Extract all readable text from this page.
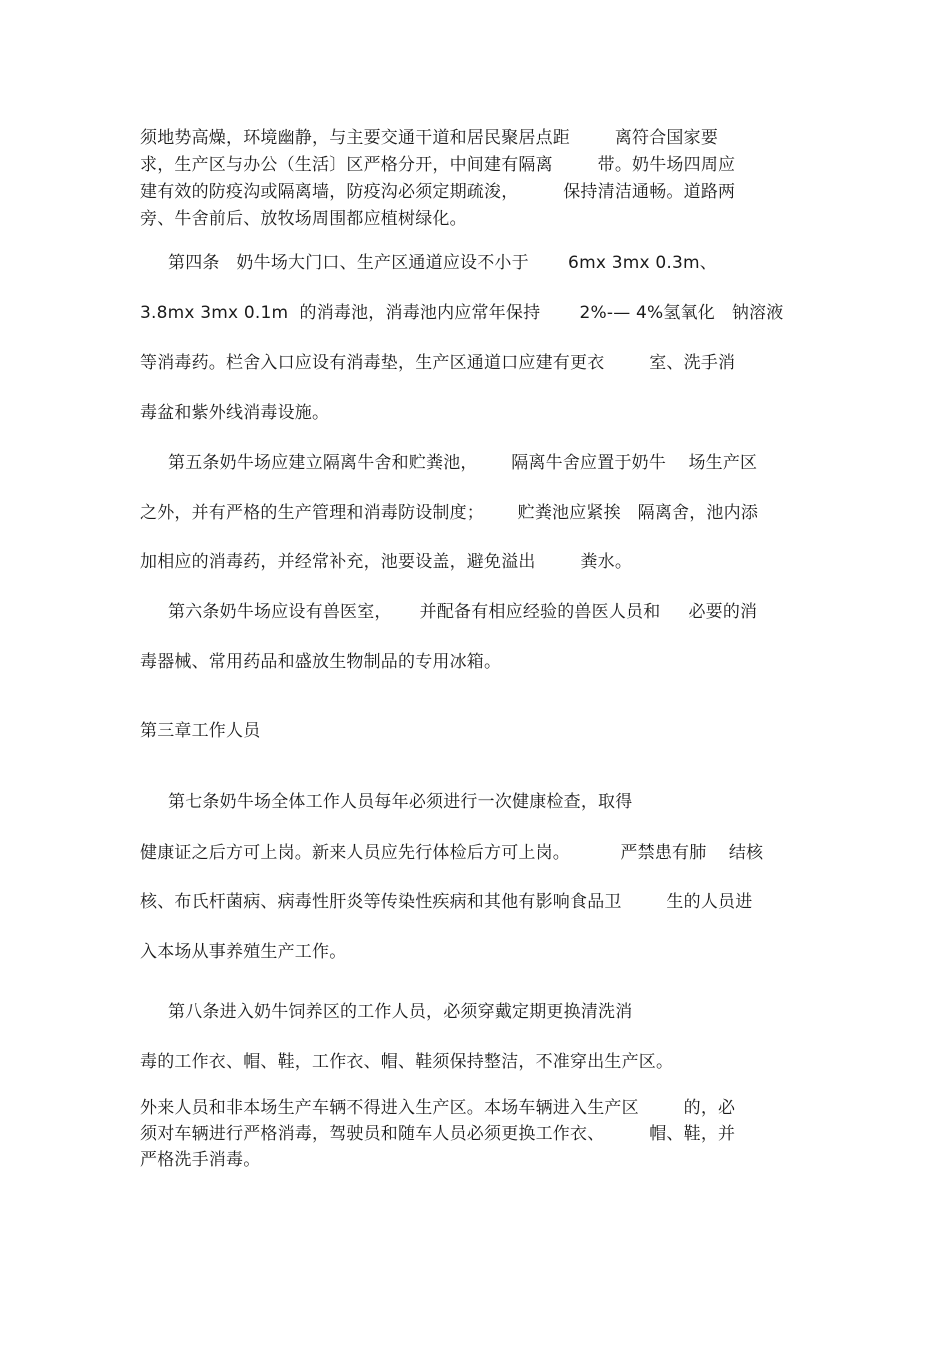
须地势高燥，环境幽静，与主要交通干道和居民聚居点距        离符合国家要
求，生产区与办公（生活〕区严格分开，中间建有隔离        带。奶牛场四周应
建有效的防疫沟或隔离墙，防疫沟必须定期疏浚，        保持清洁通畅。道路两
旁、牛舍前后、放牧场周围都应植树绿化。
第四条   奶牛场大门口、生产区通道应设不小于       6mx 3mx 0.3m、
3.8mx 3mx 0.1m  的消毒池，消毒池内应常年保持       2%-— 4%氢氧化   钠溶液
等消毒药。栏舍入口应设有消毒垫，生产区通道口应建有更衣        室、洗手消
毒盆和紫外线消毒设施。
第五条奶牛场应建立隔离牛舍和贮粪池，      隔离牛舍应置于奶牛    场生产区
之外，并有严格的生产管理和消毒防设制度；      贮粪池应紧挨   隔离舍，池内添
加相应的消毒药，并经常补充，池要设盖，避免溢出        粪水。
第六条奶牛场应设有兽医室，     并配备有相应经验的兽医人员和     必要的消
毒器械、常用药品和盛放生物制品的专用冰箱。
第三章工作人员
第七条奶牛场全体工作人员每年必须进行一次健康检查，取得
健康证之后方可上岗。新来人员应先行体检后方可上岗。         严禁患有肺    结核
核、布氏杆菌病、病毒性肝炎等传染性疾病和其他有影响食品卫        生的人员进
入本场从事养殖生产工作。
第八条进入奶牛饲养区的工作人员，必须穿戴定期更换清洗消
毒的工作衣、帽、鞋，工作衣、帽、鞋须保持整洁，不准穿出生产区。
外来人员和非本场生产车辆不得进入生产区。本场车辆进入生产区        的，必
须对车辆进行严格消毒，驾驶员和随车人员必须更换工作衣、        帽、鞋，并
严格洗手消毒。
